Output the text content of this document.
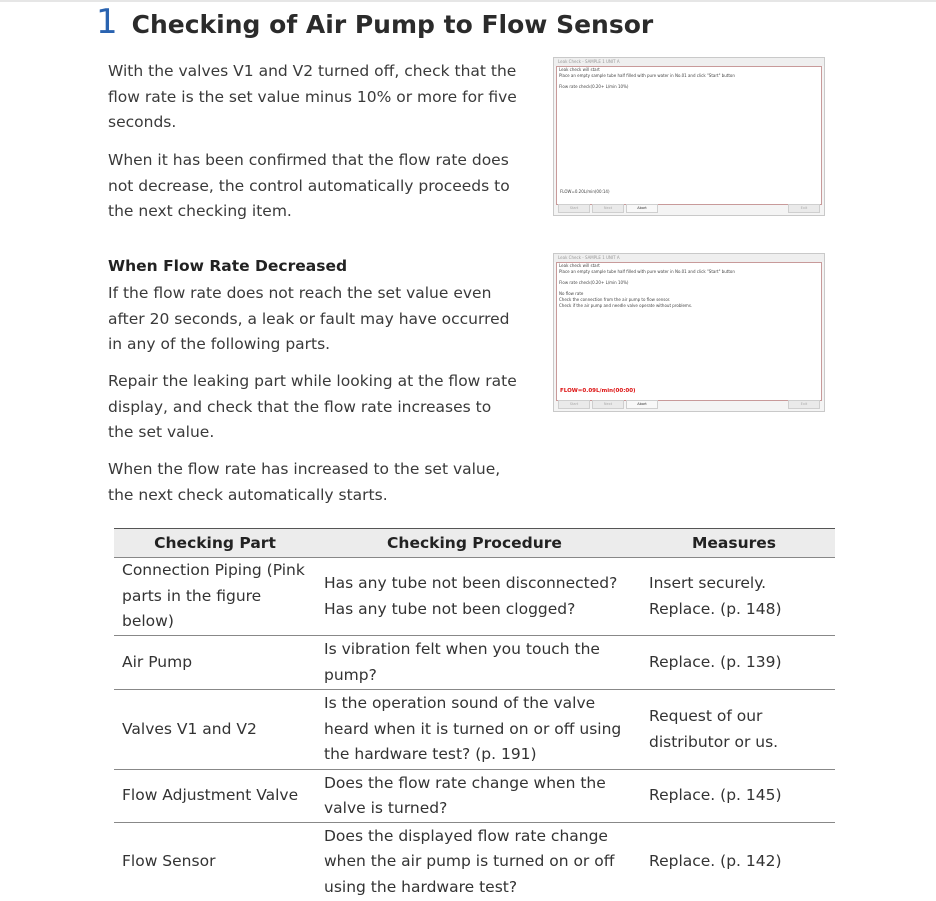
1 Checking of Air Pump to Flow Sensor
With the valves V1 and V2 turned off, check that the flow rate is the set value minus 10% or more for five seconds.
When it has been confirmed that the flow rate does not decrease, the control automatically proceeds to the next checking item.
When Flow Rate Decreased
If the flow rate does not reach the set value even after 20 seconds, a leak or fault may have occurred in any of the following parts.
Repair the leaking part while looking at the flow rate display, and check that the flow rate increases to the set value.
When the flow rate has increased to the set value, the next check automatically starts.
Leak Check - SAMPLE 1 UNIT A
Leak check will start
Place an empty sample tube half filled with pure water in No.01 and click "Start" button
Flow rate check(0.20+ L/min 10%)
FLOW=0.20L/min(00:14)
Start	Next	Abort	Exit
Leak Check - SAMPLE 1 UNIT A
Leak check will start
Place an empty sample tube half filled with pure water in No.01 and click "Start" button
Flow rate check(0.20+ L/min 10%)
No flow rate
Check the connection from the air pump to flow sensor.
Check if the air pump and needle valve operate without problems.
FLOW=0.09L/min(00:00)
Start	Next	Abort	Exit
Checking Part	Checking Procedure	Measures
Connection Piping (Pink parts in the figure below)	Has any tube not been disconnected? Has any tube not been clogged?	Insert securely. Replace. (p. 148)
Air Pump	Is vibration felt when you touch the pump?	Replace. (p. 139)
Valves V1 and V2	Is the operation sound of the valve heard when it is turned on or off using the hardware test? (p. 191)	Request of our distributor or us.
Flow Adjustment Valve	Does the flow rate change when the valve is turned?	Replace. (p. 145)
Flow Sensor	Does the displayed flow rate change when the air pump is turned on or off using the hardware test?	Replace. (p. 142)
